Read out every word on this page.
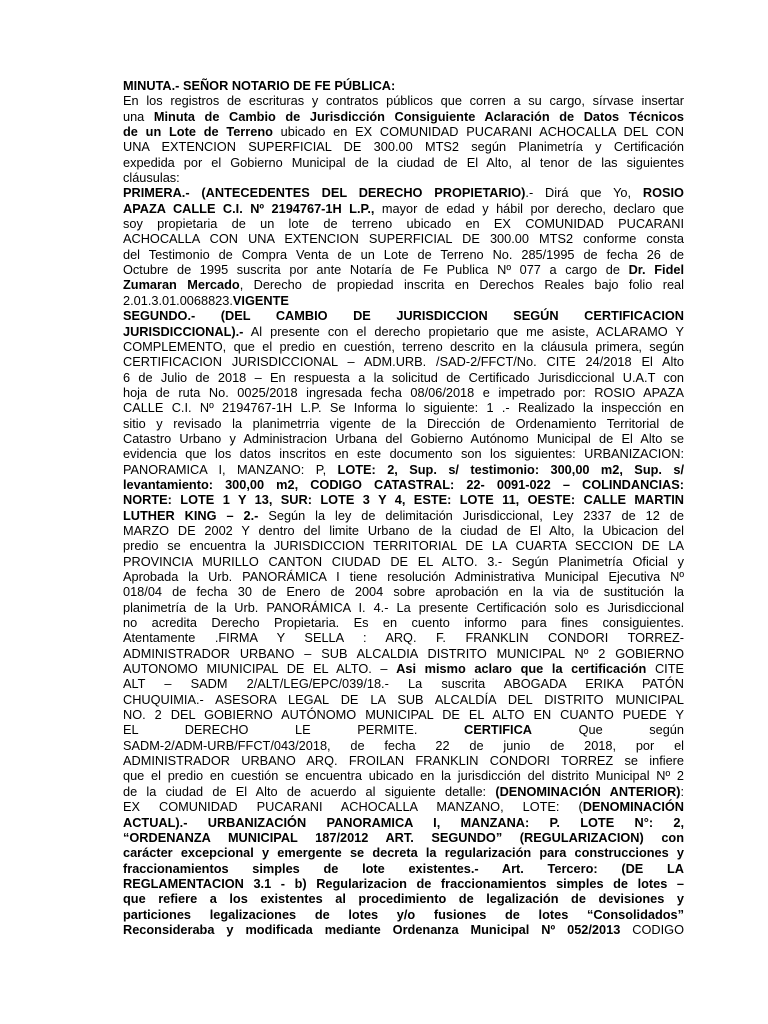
MINUTA.- SEÑOR NOTARIO DE FE PÚBLICA:
En los registros de escrituras y contratos públicos que corren a su cargo, sírvase insertar
una Minuta de Cambio de Jurisdicción Consiguiente Aclaración de Datos Técnicos
de un Lote de Terreno ubicado en EX COMUNIDAD PUCARANI ACHOCALLA DEL CON
UNA EXTENCION SUPERFICIAL DE 300.00 MTS2 según Planimetría y Certificación
expedida por el Gobierno Municipal de la ciudad de El Alto, al tenor de las siguientes
cláusulas:
PRIMERA.- (ANTECEDENTES DEL DERECHO PROPIETARIO).- Dirá que Yo, ROSIO
APAZA CALLE C.I. Nº 2194767-1H L.P., mayor de edad y hábil por derecho, declaro que
soy propietaria de un lote de terreno ubicado en EX COMUNIDAD PUCARANI
ACHOCALLA CON UNA EXTENCION SUPERFICIAL DE 300.00 MTS2 conforme consta
del Testimonio de Compra Venta de un Lote de Terreno No. 285/1995 de fecha 26 de
Octubre de 1995 suscrita por ante Notaría de Fe Publica Nº 077 a cargo de Dr. Fidel
Zumaran Mercado, Derecho de propiedad inscrita en Derechos Reales bajo folio real
2.01.3.01.0068823.VIGENTE
SEGUNDO.- (DEL CAMBIO DE JURISDICCION SEGÚN CERTIFICACION
JURISDICCIONAL).- Al presente con el derecho propietario que me asiste, ACLARAMO Y
COMPLEMENTO, que el predio en cuestión, terreno descrito en la cláusula primera, según
CERTIFICACION JURISDICCIONAL – ADM.URB. /SAD-2/FFCT/No. CITE 24/2018 El Alto
6 de Julio de 2018 – En respuesta a la solicitud de Certificado Jurisdiccional U.A.T con
hoja de ruta No. 0025/2018 ingresada fecha 08/06/2018 e impetrado por: ROSIO APAZA
CALLE C.I. Nº 2194767-1H L.P. Se Informa lo siguiente: 1 .- Realizado la inspección en
sitio y revisado la planimetrria vigente de la Dirección de Ordenamiento Territorial de
Catastro Urbano y Administracion Urbana del Gobierno Autónomo Municipal de El Alto se
evidencia que los datos inscritos en este documento son los siguientes: URBANIZACION:
PANORAMICA I, MANZANO: P, LOTE: 2, Sup. s/ testimonio: 300,00 m2, Sup. s/
levantamiento: 300,00 m2, CODIGO CATASTRAL: 22- 0091-022 – COLINDANCIAS:
NORTE: LOTE 1 Y 13, SUR: LOTE 3 Y 4, ESTE: LOTE 11, OESTE: CALLE MARTIN
LUTHER KING – 2.- Según la ley de delimitación Jurisdiccional, Ley 2337 de 12 de
MARZO DE 2002 Y dentro del limite Urbano de la ciudad de El Alto, la Ubicacion del
predio se encuentra la JURISDICCION TERRITORIAL DE LA CUARTA SECCION DE LA
PROVINCIA MURILLO CANTON CIUDAD DE EL ALTO. 3.- Según Planimetría Oficial y
Aprobada la Urb. PANORÁMICA I tiene resolución Administrativa Municipal Ejecutiva Nº
018/04 de fecha 30 de Enero de 2004 sobre aprobación en la via de sustitución la
planimetría de la Urb. PANORÁMICA I. 4.- La presente Certificación solo es Jurisdiccional
no acredita Derecho Propietaria. Es en cuento informo para fines consiguientes.
Atentamente .FIRMA Y SELLA : ARQ. F. FRANKLIN CONDORI TORREZ-
ADMINISTRADOR URBANO – SUB ALCALDIA DISTRITO MUNICIPAL Nº 2 GOBIERNO
AUTONOMO MIUNICIPAL DE EL ALTO. – Asi mismo aclaro que la certificación CITE
ALT – SADM 2/ALT/LEG/EPC/039/18.- La suscrita ABOGADA ERIKA PATÓN
CHUQUIMIA.- ASESORA LEGAL DE LA SUB ALCALDÍA DEL DISTRITO MUNICIPAL
NO. 2 DEL GOBIERNO AUTÓNOMO MUNICIPAL DE EL ALTO EN CUANTO PUEDE Y
EL DERECHO LE PERMITE. CERTIFICA Que según
SADM-2/ADM-URB/FFCT/043/2018, de fecha 22 de junio de 2018, por el
ADMINISTRADOR URBANO ARQ. FROILAN FRANKLIN CONDORI TORREZ se infiere
que el predio en cuestión se encuentra ubicado en la jurisdicción del distrito Municipal Nº 2
de la ciudad de El Alto de acuerdo al siguiente detalle: (DENOMINACIÓN ANTERIOR):
EX COMUNIDAD PUCARANI ACHOCALLA MANZANO, LOTE: (DENOMINACIÓN
ACTUAL).- URBANIZACIÓN PANORAMICA I, MANZANA: P. LOTE N°: 2,
“ORDENANZA MUNICIPAL 187/2012 ART. SEGUNDO” (REGULARIZACION) con
carácter excepcional y emergente se decreta la regularización para construcciones y
fraccionamientos simples de lote existentes.- Art. Tercero: (DE LA
REGLAMENTACION 3.1 - b) Regularizacion de fraccionamientos simples de lotes –
que refiere a los existentes al procedimiento de legalización de devisiones y
particiones legalizaciones de lotes y/o fusiones de lotes “Consolidados”
Reconsideraba y modificada mediante Ordenanza Municipal Nº 052/2013 CODIGO
